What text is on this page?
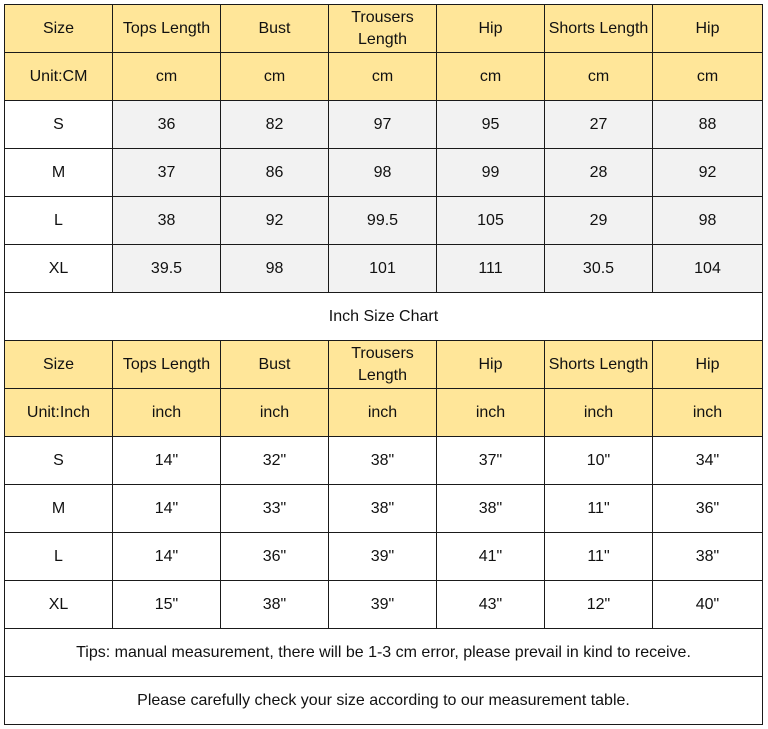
Size	Tops Length	Bust	Trousers Length	Hip	Shorts Length	Hip
Unit:CM	cm	cm	cm	cm	cm	cm
S	36	82	97	95	27	88
M	37	86	98	99	28	92
L	38	92	99.5	105	29	98
XL	39.5	98	101	111	30.5	104
Inch Size Chart						
Size	Tops Length	Bust	Trousers Length	Hip	Shorts Length	Hip
Unit:Inch	inch	inch	inch	inch	inch	inch
S	14"	32"	38"	37"	10"	34"
M	14"	33"	38"	38"	11"	36"
L	14"	36"	39"	41"	11"	38"
XL	15"	38"	39"	43"	12"	40"
Tips: manual measurement, there will be 1-3 cm error, please prevail in kind to receive.						
Please carefully check your size according to our measurement table.						
